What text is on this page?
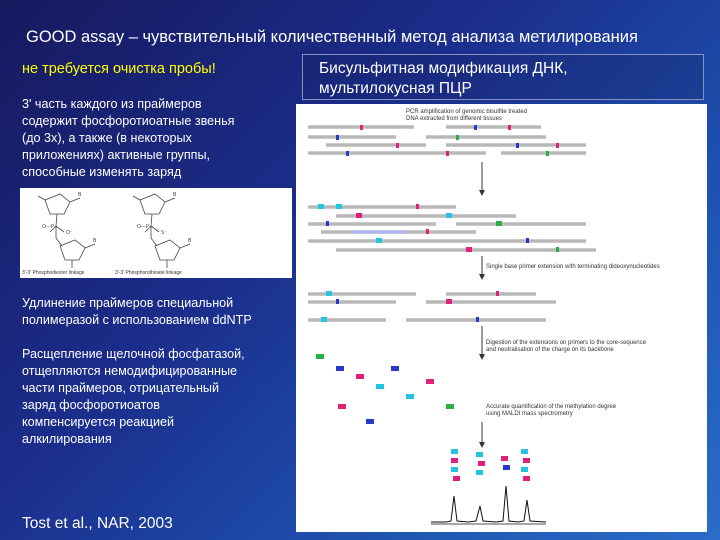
GOOD assay – чувствительный количественный метод анализа метилирования
не требуется очистка пробы!	Бисульфитная модификация ДНК,
мультилокусная ПЦР
3' часть каждого из праймеров
содержит фосфоротиоатные звенья
(до 3х), а также (в некоторых
приложениях) активные группы,
способные изменять заряд
O—P
O⁻
O—P
S⁻
B	B
B	B
3'-3' Phosphodiester linkage	3'-3' Phosphorothioate linkage
Удлинение праймеров специальной
полимеразой с использованием ddNTP
Расщепление щелочной фосфатазой,
отщепляются немодифицированные
части праймеров, отрицательный
заряд фосфоротиоатов
компенсируется реакцией
алкилирования
Tost et al., NAR, 2003
PCR amplification of genomic bisulfite treated
DNA extracted from different tissues
Single base primer extension with terminating dideoxynucleotides
Digestion of the extensions on primers to the core-sequence
and neutralisation of the charge on its backbone
Accurate quantification of the methylation degree
using MALDI mass spectrometry
